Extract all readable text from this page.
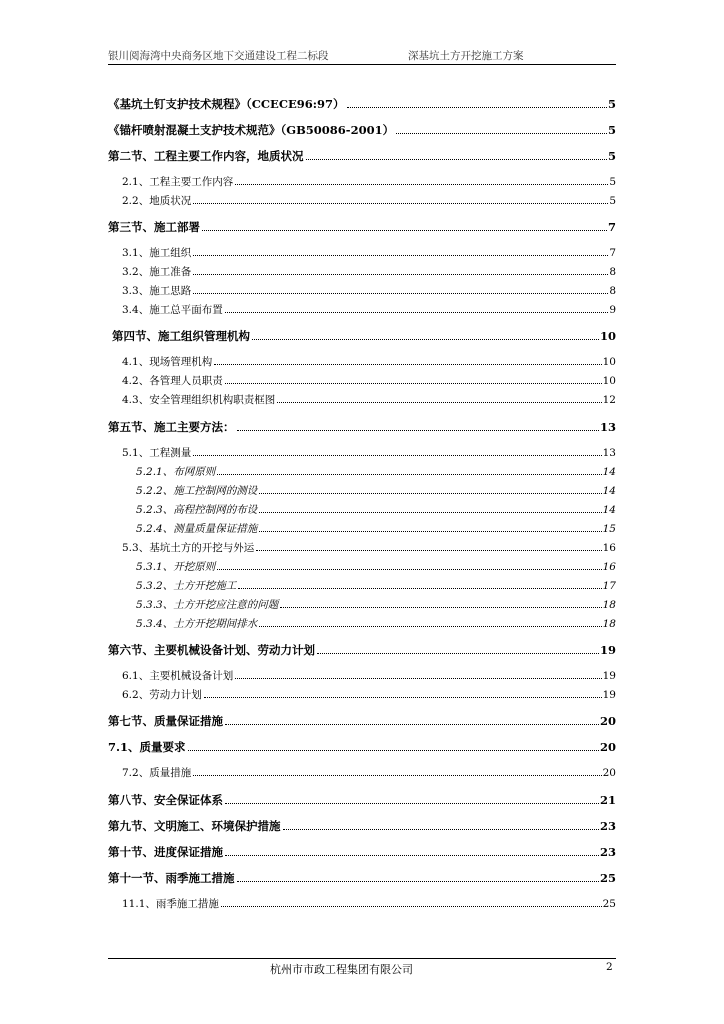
银川阅海湾中央商务区地下交通建设工程二标段	深基坑土方开挖施工方案
《基坑土钉支护技术规程》（CCECE96:97）	5
《锚杆喷射混凝土支护技术规范》（GB50086-2001）	5
第二节、工程主要工作内容，地质状况	5
2.1、工程主要工作内容	5
2.2、地质状况	5
第三节、施工部署	7
3.1、施工组织	7
3.2、施工准备	8
3.3、施工思路	8
3.4、施工总平面布置	9
第四节、施工组织管理机构	10
4.1、现场管理机构	10
4.2、各管理人员职责	10
4.3、安全管理组织机构职责框图	12
第五节、施工主要方法：	13
5.1、工程测量	13
5.2.1、布网原则	14
5.2.2、施工控制网的测设	14
5.2.3、高程控制网的布设	14
5.2.4、测量质量保证措施	15
5.3、基坑土方的开挖与外运	16
5.3.1、开挖原则	16
5.3.2、土方开挖施工	17
5.3.3、土方开挖应注意的问题	18
5.3.4、土方开挖期间排水	18
第六节、主要机械设备计划、劳动力计划	19
6.1、主要机械设备计划	19
6.2、劳动力计划	19
第七节、质量保证措施	20
7.1、质量要求	20
7.2、质量措施	20
第八节、安全保证体系	21
第九节、文明施工、环境保护措施	23
第十节、进度保证措施	23
第十一节、雨季施工措施	25
11.1、雨季施工措施	25
杭州市市政工程集团有限公司	2
